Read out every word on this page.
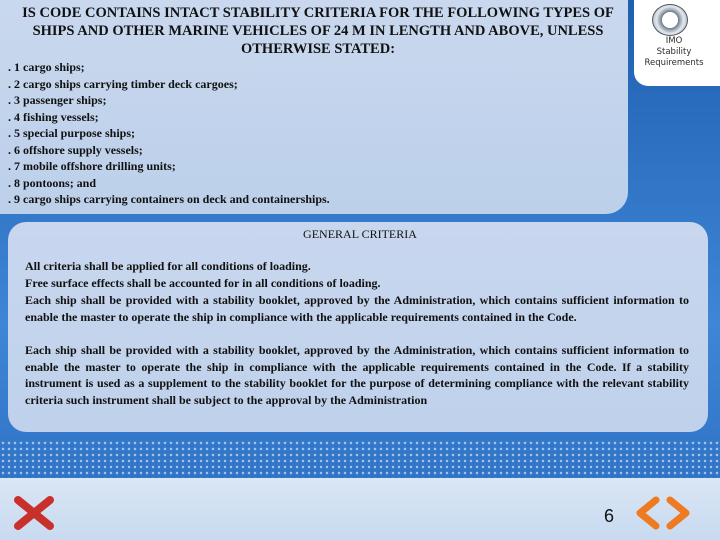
IS CODE CONTAINS INTACT STABILITY CRITERIA FOR THE FOLLOWING TYPES OF SHIPS AND OTHER MARINE VEHICLES OF 24 M IN LENGTH AND ABOVE, UNLESS OTHERWISE STATED:
. 1 cargo ships;
. 2 cargo ships carrying timber deck cargoes;
. 3 passenger ships;
. 4 fishing vessels;
. 5 special purpose ships;
. 6 offshore supply vessels;
. 7 mobile offshore drilling units;
. 8 pontoons; and
. 9 cargo ships carrying containers on deck and containerships.
IMO
Stability
Requirements
GENERAL CRITERIA

All criteria shall be applied for all conditions of loading.

Free surface effects shall be accounted for in all conditions of loading.

Each ship shall be provided with a stability booklet, approved by the Administration, which contains sufficient information to enable the master to operate the ship in compliance with the applicable requirements contained in the Code.

Each ship shall be provided with a stability booklet, approved by the Administration, which contains sufficient information to enable the master to operate the ship in compliance with the applicable requirements contained in the Code. If a stability instrument is used as a supplement to the stability booklet for the purpose of determining compliance with the relevant stability criteria such instrument shall be subject to the approval by the Administration

6
